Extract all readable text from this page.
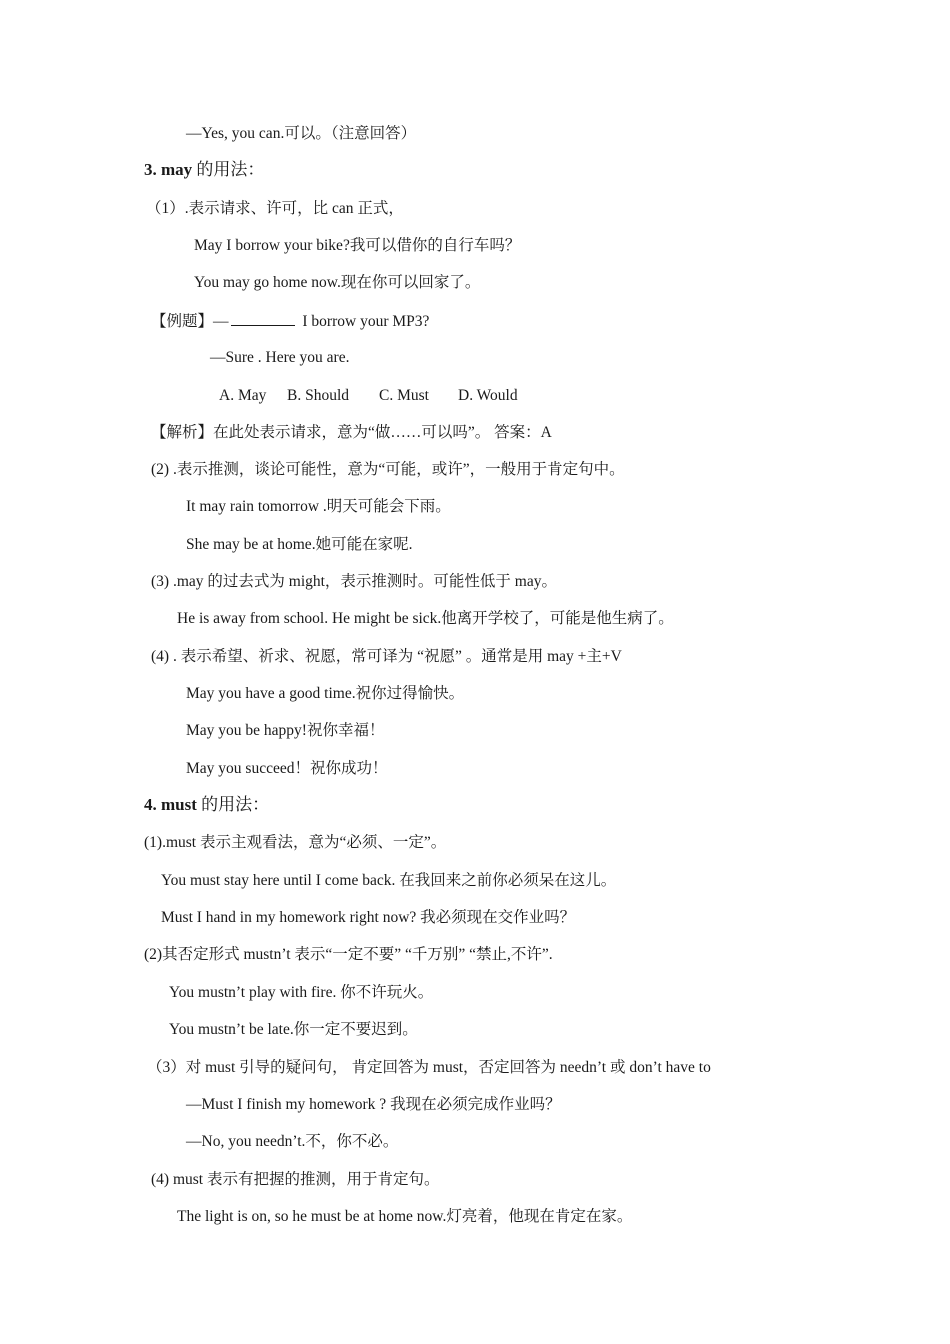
—Yes, you can.可以。（注意回答）
3. may 的用法：
（1）.表示请求、许可，比 can 正式，
May I borrow your bike?我可以借你的自行车吗？
You may go home now.现在你可以回家了。
【例题】—	I borrow your MP3?
—Sure . Here you are.
A. May B. Should C. Must D. Would
【解析】在此处表示请求，意为“做……可以吗”。 答案：A
(2) .表示推测，谈论可能性，意为“可能，或许”，一般用于肯定句中。
It may rain tomorrow .明天可能会下雨。
She may be at home.她可能在家呢.
(3) .may 的过去式为 might，表示推测时。可能性低于 may。
He is away from school. He might be sick.他离开学校了，可能是他生病了。
(4) . 表示希望、祈求、祝愿，常可译为 “祝愿” 。通常是用 may +主+V
May you have a good time.祝你过得愉快。
May you be happy!祝你幸福！
May you succeed！祝你成功！
4. must 的用法：
(1).must 表示主观看法，意为“必须、一定”。
You must stay here until I come back. 在我回来之前你必须呆在这儿。
Must I hand in my homework right now? 我必须现在交作业吗？
(2)其否定形式 mustn’t 表示“一定不要” “千万别” “禁止,不许”.
You mustn’t play with fire. 你不许玩火。
You mustn’t be late.你一定不要迟到。
（3）对 must 引导的疑问句， 肯定回答为 must，否定回答为 needn’t 或 don’t have to
—Must I finish my homework ? 我现在必须完成作业吗？
—No, you needn’t.不，你不必。
(4) must 表示有把握的推测，用于肯定句。
The light is on, so he must be at home now.灯亮着，他现在肯定在家。
